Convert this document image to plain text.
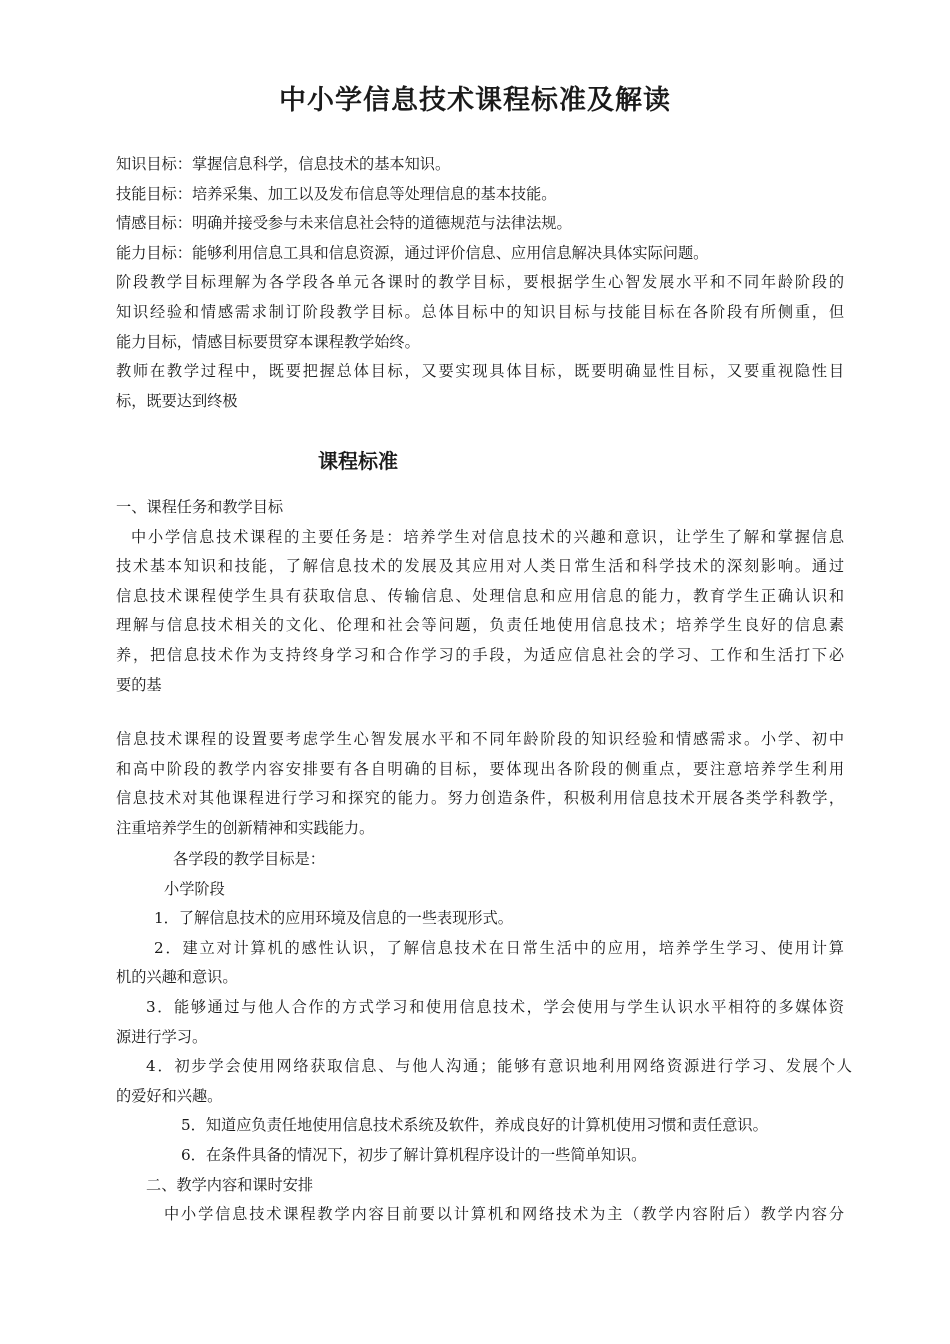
中小学信息技术课程标准及解读
知识目标：掌握信息科学，信息技术的基本知识。
技能目标：培养采集、加工以及发布信息等处理信息的基本技能。
情感目标：明确并接受参与未来信息社会特的道德规范与法律法规。
能力目标：能够利用信息工具和信息资源，通过评价信息、应用信息解决具体实际问题。
阶段教学目标理解为各学段各单元各课时的教学目标，要根据学生心智发展水平和不同年龄阶段的
知识经验和情感需求制订阶段教学目标。总体目标中的知识目标与技能目标在各阶段有所侧重，但
能力目标，情感目标要贯穿本课程教学始终。
教师在教学过程中，既要把握总体目标，又要实现具体目标，既要明确显性目标，又要重视隐性目
标，既要达到终极
课程标准
一、课程任务和教学目标
中小学信息技术课程的主要任务是：培养学生对信息技术的兴趣和意识，让学生了解和掌握信息
技术基本知识和技能，了解信息技术的发展及其应用对人类日常生活和科学技术的深刻影响。通过
信息技术课程使学生具有获取信息、传输信息、处理信息和应用信息的能力，教育学生正确认识和
理解与信息技术相关的文化、伦理和社会等问题，负责任地使用信息技术；培养学生良好的信息素
养，把信息技术作为支持终身学习和合作学习的手段，为适应信息社会的学习、工作和生活打下必
要的基
信息技术课程的设置要考虑学生心智发展水平和不同年龄阶段的知识经验和情感需求。小学、初中
和高中阶段的教学内容安排要有各自明确的目标，要体现出各阶段的侧重点，要注意培养学生利用
信息技术对其他课程进行学习和探究的能力。努力创造条件，积极利用信息技术开展各类学科教学，
注重培养学生的创新精神和实践能力。
各学段的教学目标是：
小学阶段
1．了解信息技术的应用环境及信息的一些表现形式。
2．建立对计算机的感性认识，了解信息技术在日常生活中的应用，培养学生学习、使用计算
机的兴趣和意识。
3．能够通过与他人合作的方式学习和使用信息技术，学会使用与学生认识水平相符的多媒体资
源进行学习。
4．初步学会使用网络获取信息、与他人沟通；能够有意识地利用网络资源进行学习、发展个人
的爱好和兴趣。
5．知道应负责任地使用信息技术系统及软件，养成良好的计算机使用习惯和责任意识。
6．在条件具备的情况下，初步了解计算机程序设计的一些简单知识。
二、教学内容和课时安排
中小学信息技术课程教学内容目前要以计算机和网络技术为主（教学内容附后）教学内容分
